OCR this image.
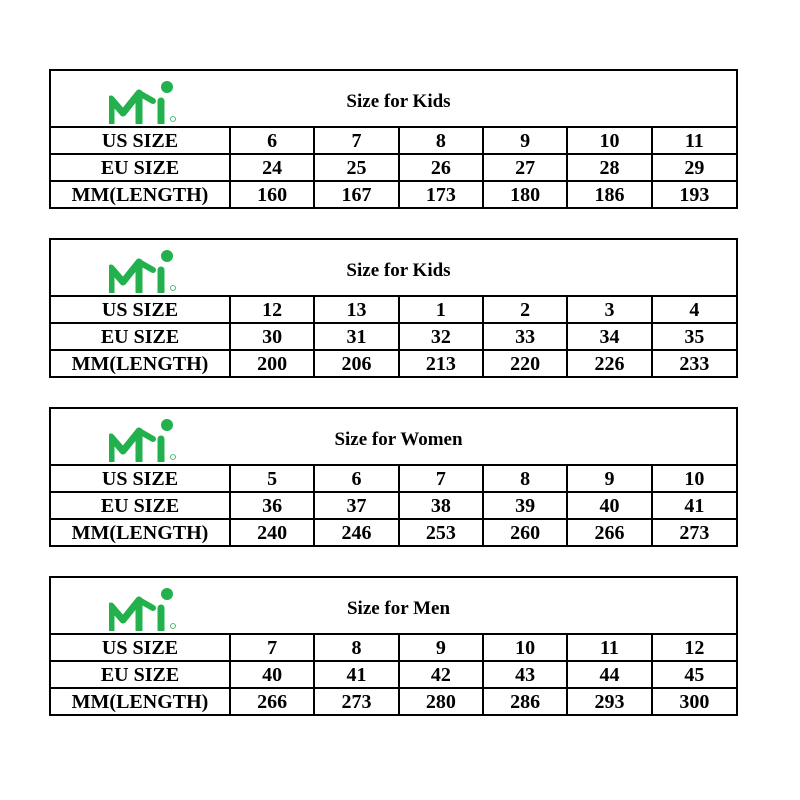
Size for Kids
US SIZE	6	7	8	9	10	11
EU SIZE	24	25	26	27	28	29
MM(LENGTH)	160	167	173	180	186	193
Size for Kids
US SIZE	12	13	1	2	3	4
EU SIZE	30	31	32	33	34	35
MM(LENGTH)	200	206	213	220	226	233
Size for Women
US SIZE	5	6	7	8	9	10
EU SIZE	36	37	38	39	40	41
MM(LENGTH)	240	246	253	260	266	273
Size for Men
US SIZE	7	8	9	10	11	12
EU SIZE	40	41	42	43	44	45
MM(LENGTH)	266	273	280	286	293	300
